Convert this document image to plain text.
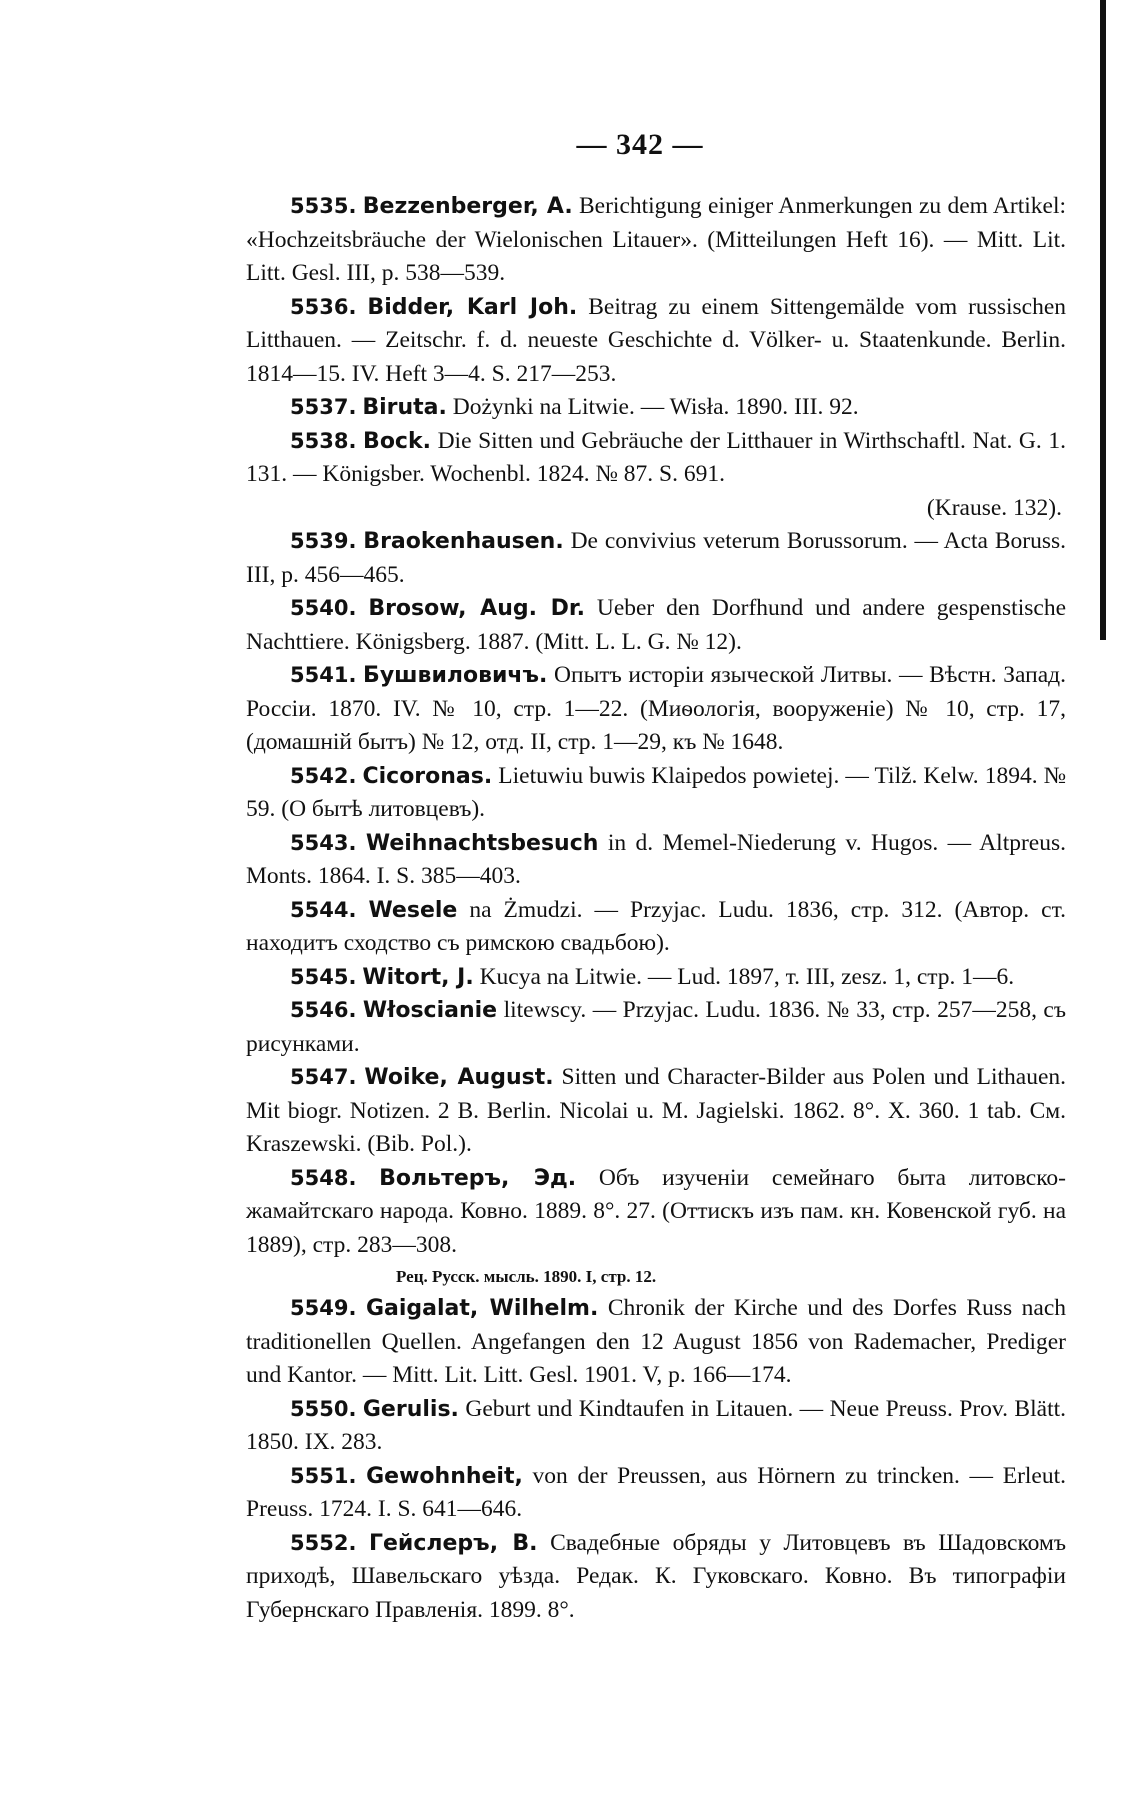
— 342 —

5535. Bezzenberger, A. Berichtigung einiger Anmerkungen zu dem Artikel: «Hochzeitsbräuche der Wielonischen Litauer». (Mitteilungen Heft 16). — Mitt. Lit. Litt. Gesl. III, p. 538—539.

5536. Bidder, Karl Joh. Beitrag zu einem Sittengemälde vom russischen Litthauen. — Zeitschr. f. d. neueste Geschichte d. Völker- u. Staatenkunde. Berlin. 1814—15. IV. Heft 3—4. S. 217—253.

5537. Biruta. Dożynki na Litwie. — Wisła. 1890. III. 92.

5538. Bock. Die Sitten und Gebräuche der Litthauer in Wirthschaftl. Nat. G. 1. 131. — Königsber. Wochenbl. 1824. № 87. S. 691.
(Krause. 132).

5539. Braokenhausen. De convivius veterum Borussorum. — Acta Boruss. III, p. 456—465.

5540. Brosow, Aug. Dr. Ueber den Dorfhund und andere gespenstische Nachttiere. Königsberg. 1887. (Mitt. L. L. G. № 12).

5541. Бушвиловичъ. Опытъ исторіи языческой Литвы. — Вѣстн. Запад. Россіи. 1870. IV. № 10, стр. 1—22. (Миѳологія, вооруженіе) № 10, стр. 17, (домашній бытъ) № 12, отд. II, стр. 1—29, къ № 1648.

5542. Cicoronas. Lietuwiu buwis Klaipedos powietej. — Tilž. Kelw. 1894. № 59. (О бытѣ литовцевъ).

5543. Weihnachtsbesuch in d. Memel-Niederung v. Hugos. — Altpreus. Monts. 1864. I. S. 385—403.

5544. Wesele na Żmudzi. — Przyjac. Ludu. 1836, стр. 312. (Автор. ст. находитъ сходство съ римскою свадьбою).

5545. Witort, J. Kucya na Litwie. — Lud. 1897, т. III, zesz. 1, стр. 1—6.

5546. Włoscianie litewscy. — Przyjac. Ludu. 1836. № 33, стр. 257—258, съ рисунками.

5547. Woike, August. Sitten und Character-Bilder aus Polen und Lithauen. Mit biogr. Notizen. 2 B. Berlin. Nicolai u. M. Jagielski. 1862. 8°. X. 360. 1 tab. См. Kraszewski. (Bib. Pol.).

5548. Вольтеръ, Эд. Объ изученіи семейнаго быта литовско-жамайтскаго народа. Ковно. 1889. 8°. 27. (Оттискъ изъ пам. кн. Ковенской губ. на 1889), стр. 283—308.

Рец. Русск. мысль. 1890. I, стр. 12.

5549. Gaigalat, Wilhelm. Chronik der Kirche und des Dorfes Russ nach traditionellen Quellen. Angefangen den 12 August 1856 von Rademacher, Prediger und Kantor. — Mitt. Lit. Litt. Gesl. 1901. V, p. 166—174.

5550. Gerulis. Geburt und Kindtaufen in Litauen. — Neue Preuss. Prov. Blätt. 1850. IX. 283.

5551. Gewohnheit, von der Preussen, aus Hörnern zu trincken. — Erleut. Preuss. 1724. I. S. 641—646.

5552. Гейслеръ, В. Свадебные обряды у Литовцевъ въ Шадовскомъ приходѣ, Шавельскаго уѣзда. Редак. К. Гуковскаго. Ковно. Въ типографіи Губернскаго Правленія. 1899. 8°.
